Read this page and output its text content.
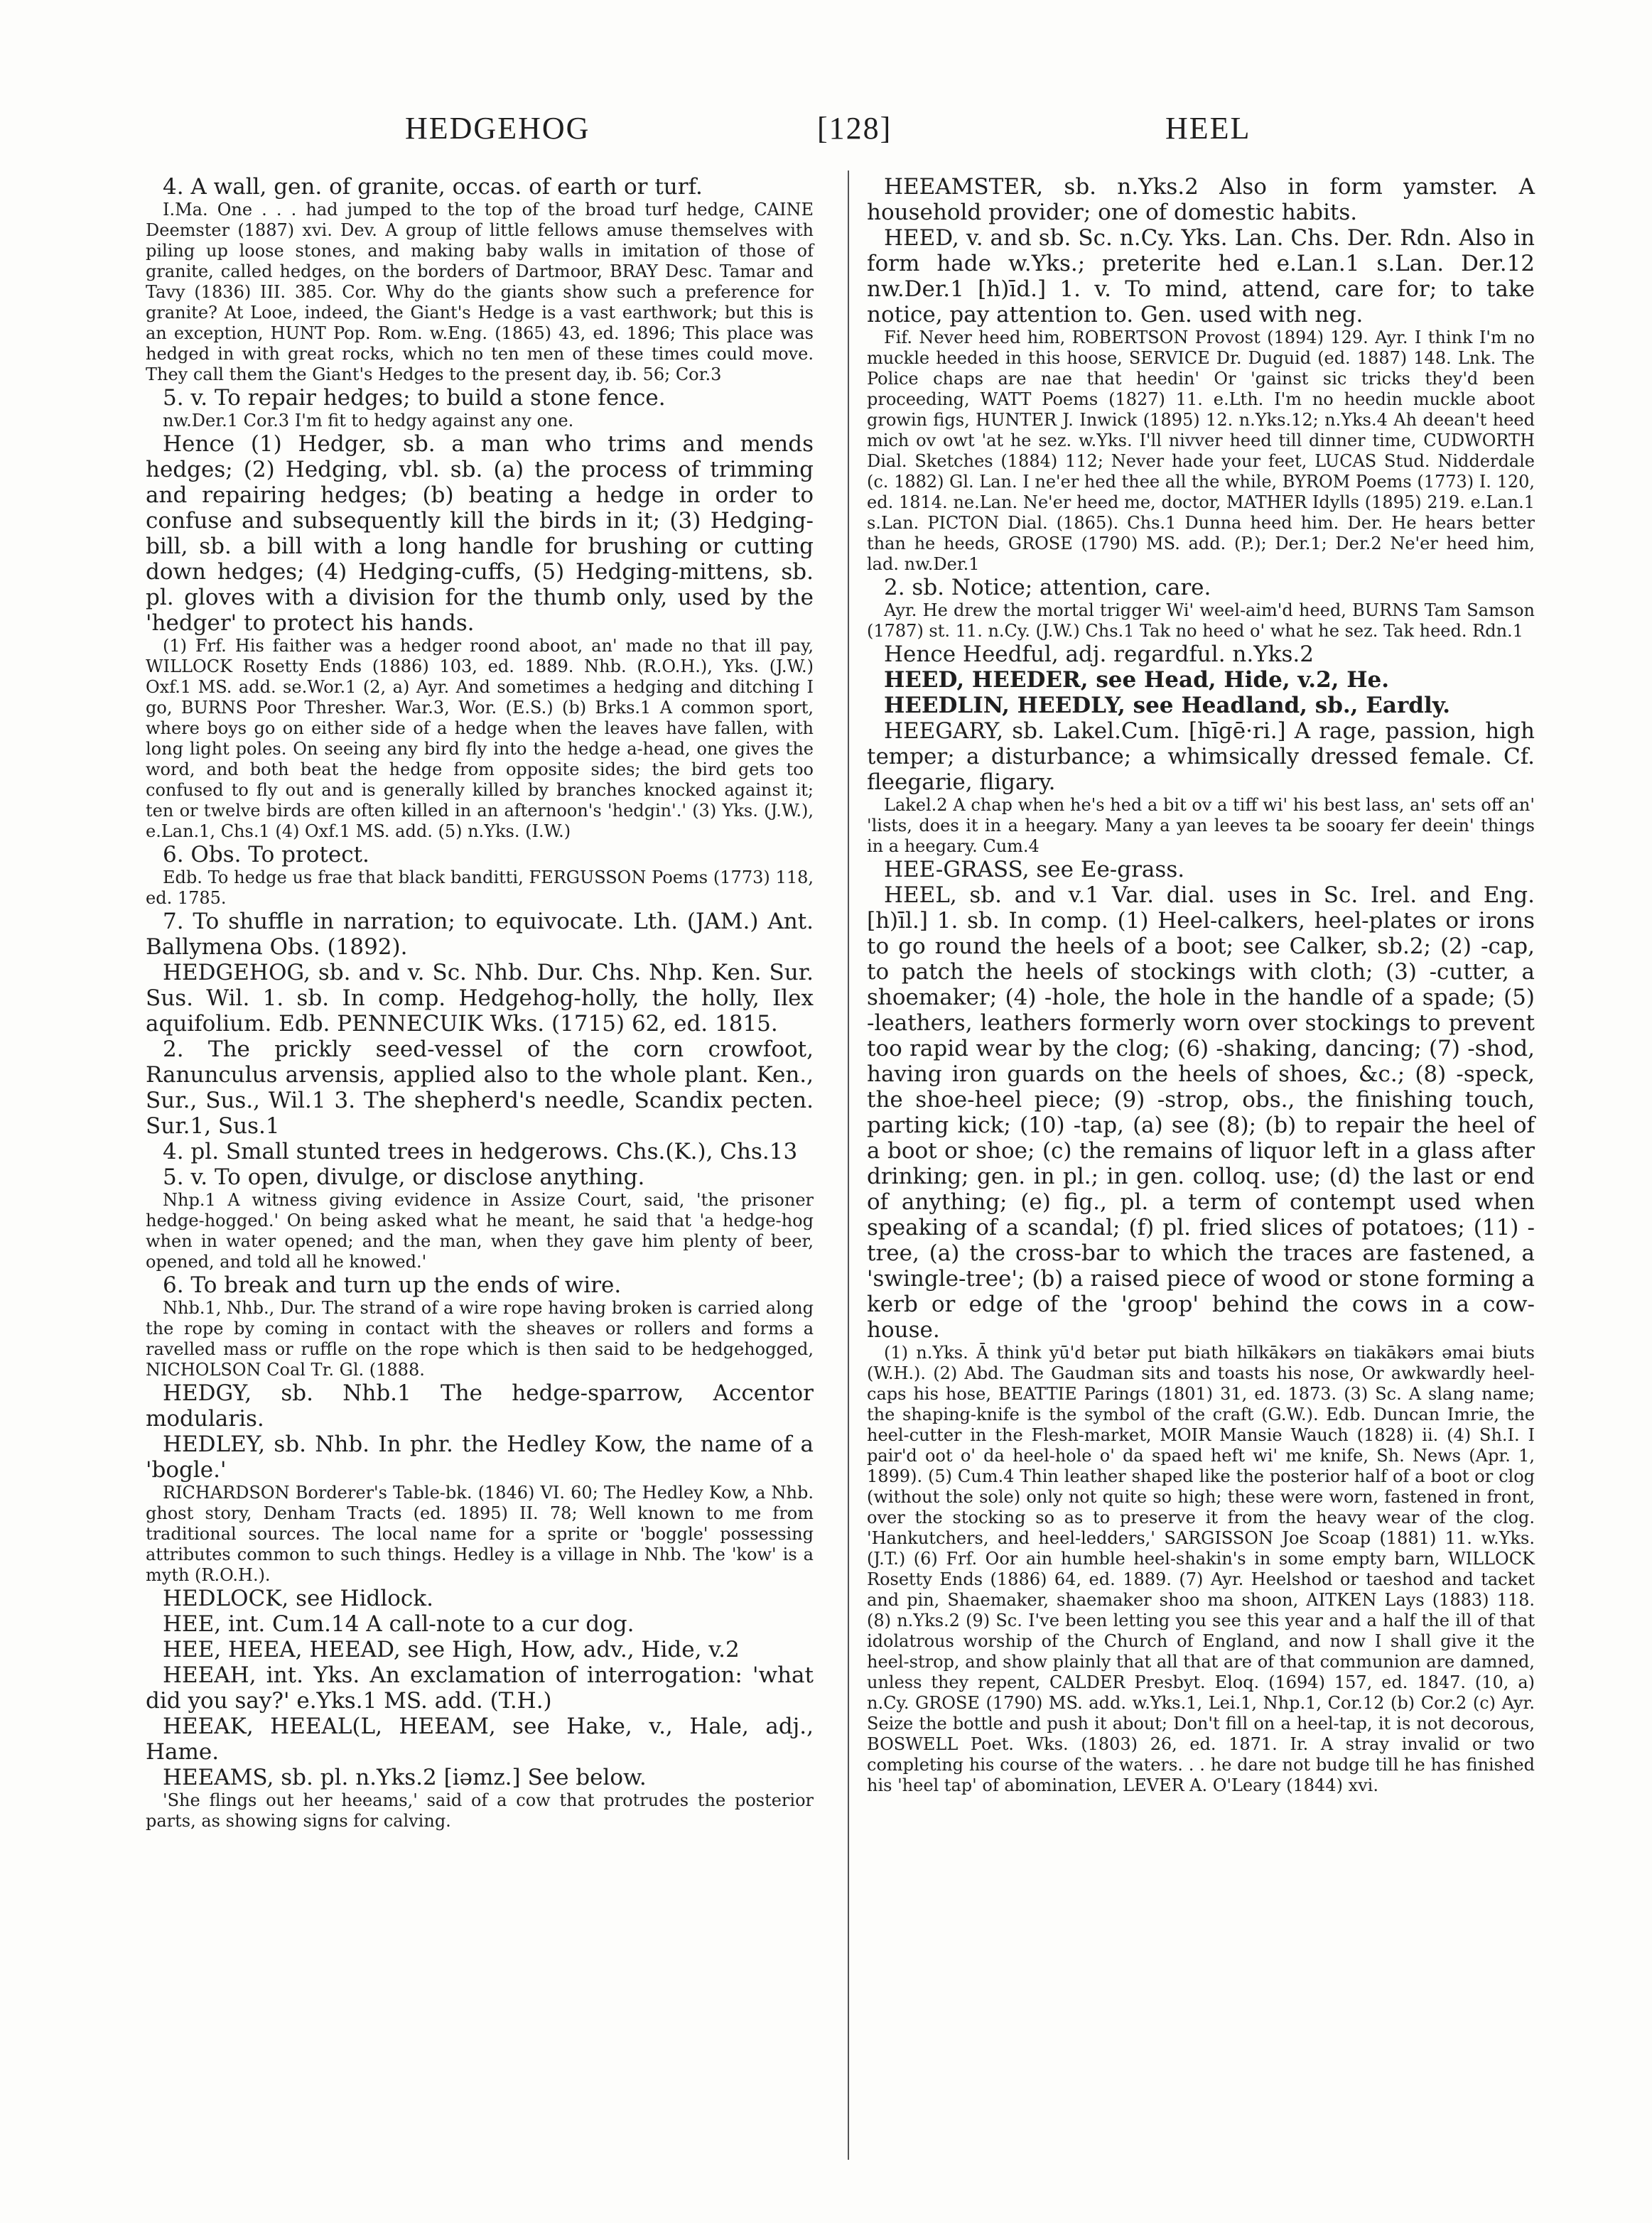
HEDGEHOG	[128]	HEEL

4. A wall, gen. of granite, occas. of earth or turf.

I.Ma. One . . . had jumped to the top of the broad turf hedge, CAINE Deemster (1887) xvi. Dev. A group of little fellows amuse themselves with piling up loose stones, and making baby walls in imitation of those of granite, called hedges, on the borders of Dartmoor, BRAY Desc. Tamar and Tavy (1836) III. 385. Cor. Why do the giants show such a preference for granite? At Looe, indeed, the Giant's Hedge is a vast earthwork; but this is an exception, HUNT Pop. Rom. w.Eng. (1865) 43, ed. 1896; This place was hedged in with great rocks, which no ten men of these times could move. They call them the Giant's Hedges to the present day, ib. 56; Cor.3

5. v. To repair hedges; to build a stone fence.

nw.Der.1 Cor.3 I'm fit to hedgy against any one.

Hence (1) Hedger, sb. a man who trims and mends hedges; (2) Hedging, vbl. sb. (a) the process of trimming and repairing hedges; (b) beating a hedge in order to confuse and subsequently kill the birds in it; (3) Hedging-bill, sb. a bill with a long handle for brushing or cutting down hedges; (4) Hedging-cuffs, (5) Hedging-mittens, sb. pl. gloves with a division for the thumb only, used by the 'hedger' to protect his hands.

(1) Frf. His faither was a hedger roond aboot, an' made no that ill pay, WILLOCK Rosetty Ends (1886) 103, ed. 1889. Nhb. (R.O.H.), Yks. (J.W.) Oxf.1 MS. add. se.Wor.1 (2, a) Ayr. And sometimes a hedging and ditching I go, BURNS Poor Thresher. War.3, Wor. (E.S.) (b) Brks.1 A common sport, where boys go on either side of a hedge when the leaves have fallen, with long light poles. On seeing any bird fly into the hedge a-head, one gives the word, and both beat the hedge from opposite sides; the bird gets too confused to fly out and is generally killed by branches knocked against it; ten or twelve birds are often killed in an afternoon's 'hedgin'.' (3) Yks. (J.W.), e.Lan.1, Chs.1 (4) Oxf.1 MS. add. (5) n.Yks. (I.W.)

6. Obs. To protect.

Edb. To hedge us frae that black banditti, FERGUSSON Poems (1773) 118, ed. 1785.

7. To shuffle in narration; to equivocate. Lth. (JAM.) Ant. Ballymena Obs. (1892).

HEDGEHOG, sb. and v. Sc. Nhb. Dur. Chs. Nhp. Ken. Sur. Sus. Wil. 1. sb. In comp. Hedgehog-holly, the holly, Ilex aquifolium. Edb. PENNECUIK Wks. (1715) 62, ed. 1815.

2. The prickly seed-vessel of the corn crowfoot, Ranunculus arvensis, applied also to the whole plant. Ken., Sur., Sus., Wil.1 3. The shepherd's needle, Scandix pecten. Sur.1, Sus.1

4. pl. Small stunted trees in hedgerows. Chs.(K.), Chs.13

5. v. To open, divulge, or disclose anything.

Nhp.1 A witness giving evidence in Assize Court, said, 'the prisoner hedge-hogged.' On being asked what he meant, he said that 'a hedge-hog when in water opened; and the man, when they gave him plenty of beer, opened, and told all he knowed.'

6. To break and turn up the ends of wire.

Nhb.1, Nhb., Dur. The strand of a wire rope having broken is carried along the rope by coming in contact with the sheaves or rollers and forms a ravelled mass or ruffle on the rope which is then said to be hedgehogged, NICHOLSON Coal Tr. Gl. (1888.

HEDGY, sb. Nhb.1 The hedge-sparrow, Accentor modularis.

HEDLEY, sb. Nhb. In phr. the Hedley Kow, the name of a 'bogle.'

RICHARDSON Borderer's Table-bk. (1846) VI. 60; The Hedley Kow, a Nhb. ghost story, Denham Tracts (ed. 1895) II. 78; Well known to me from traditional sources. The local name for a sprite or 'boggle' possessing attributes common to such things. Hedley is a village in Nhb. The 'kow' is a myth (R.O.H.).

HEDLOCK, see Hidlock.

HEE, int. Cum.14 A call-note to a cur dog.

HEE, HEEA, HEEAD, see High, How, adv., Hide, v.2

HEEAH, int. Yks. An exclamation of interrogation: 'what did you say?' e.Yks.1 MS. add. (T.H.)

HEEAK, HEEAL(L, HEEAM, see Hake, v., Hale, adj., Hame.

HEEAMS, sb. pl. n.Yks.2 [iəmz.] See below.

'She flings out her heeams,' said of a cow that protrudes the posterior parts, as showing signs for calving.

HEEAMSTER, sb. n.Yks.2 Also in form yamster. A household provider; one of domestic habits.

HEED, v. and sb. Sc. n.Cy. Yks. Lan. Chs. Der. Rdn. Also in form hade w.Yks.; preterite hed e.Lan.1 s.Lan. Der.12 nw.Der.1 [h)īd.] 1. v. To mind, attend, care for; to take notice, pay attention to. Gen. used with neg.

Fif. Never heed him, ROBERTSON Provost (1894) 129. Ayr. I think I'm no muckle heeded in this hoose, SERVICE Dr. Duguid (ed. 1887) 148. Lnk. The Police chaps are nae that heedin' Or 'gainst sic tricks they'd been proceeding, WATT Poems (1827) 11. e.Lth. I'm no heedin muckle aboot growin figs, HUNTER J. Inwick (1895) 12. n.Yks.12; n.Yks.4 Ah deean't heed mich ov owt 'at he sez. w.Yks. I'll nivver heed till dinner time, CUDWORTH Dial. Sketches (1884) 112; Never hade your feet, LUCAS Stud. Nidderdale (c. 1882) Gl. Lan. I ne'er hed thee all the while, BYROM Poems (1773) I. 120, ed. 1814. ne.Lan. Ne'er heed me, doctor, MATHER Idylls (1895) 219. e.Lan.1 s.Lan. PICTON Dial. (1865). Chs.1 Dunna heed him. Der. He hears better than he heeds, GROSE (1790) MS. add. (P.); Der.1; Der.2 Ne'er heed him, lad. nw.Der.1

2. sb. Notice; attention, care.

Ayr. He drew the mortal trigger Wi' weel-aim'd heed, BURNS Tam Samson (1787) st. 11. n.Cy. (J.W.) Chs.1 Tak no heed o' what he sez. Tak heed. Rdn.1

Hence Heedful, adj. regardful. n.Yks.2

HEED, HEEDER, see Head, Hide, v.2, He.

HEEDLIN, HEEDLY, see Headland, sb., Eardly.

HEEGARY, sb. Lakel.Cum. [hīgē·ri.] A rage, passion, high temper; a disturbance; a whimsically dressed female. Cf. fleegarie, fligary.

Lakel.2 A chap when he's hed a bit ov a tiff wi' his best lass, an' sets off an' 'lists, does it in a heegary. Many a yan leeves ta be sooary fer deein' things in a heegary. Cum.4

HEE-GRASS, see Ee-grass.

HEEL, sb. and v.1 Var. dial. uses in Sc. Irel. and Eng. [h)īl.] 1. sb. In comp. (1) Heel-calkers, heel-plates or irons to go round the heels of a boot; see Calker, sb.2; (2) -cap, to patch the heels of stockings with cloth; (3) -cutter, a shoemaker; (4) -hole, the hole in the handle of a spade; (5) -leathers, leathers formerly worn over stockings to prevent too rapid wear by the clog; (6) -shaking, dancing; (7) -shod, having iron guards on the heels of shoes, &c.; (8) -speck, the shoe-heel piece; (9) -strop, obs., the finishing touch, parting kick; (10) -tap, (a) see (8); (b) to repair the heel of a boot or shoe; (c) the remains of liquor left in a glass after drinking; gen. in pl.; in gen. colloq. use; (d) the last or end of anything; (e) fig., pl. a term of contempt used when speaking of a scandal; (f) pl. fried slices of potatoes; (11) -tree, (a) the cross-bar to which the traces are fastened, a 'swingle-tree'; (b) a raised piece of wood or stone forming a kerb or edge of the 'groop' behind the cows in a cow-house.

(1) n.Yks. Ā think yū'd betər put biath hīlkākərs ən tiakākərs əmai biuts (W.H.). (2) Abd. The Gaudman sits and toasts his nose, Or awkwardly heel-caps his hose, BEATTIE Parings (1801) 31, ed. 1873. (3) Sc. A slang name; the shaping-knife is the symbol of the craft (G.W.). Edb. Duncan Imrie, the heel-cutter in the Flesh-market, MOIR Mansie Wauch (1828) ii. (4) Sh.I. I pair'd oot o' da heel-hole o' da spaed heft wi' me knife, Sh. News (Apr. 1, 1899). (5) Cum.4 Thin leather shaped like the posterior half of a boot or clog (without the sole) only not quite so high; these were worn, fastened in front, over the stocking so as to preserve it from the heavy wear of the clog. 'Hankutchers, and heel-ledders,' SARGISSON Joe Scoap (1881) 11. w.Yks. (J.T.) (6) Frf. Oor ain humble heel-shakin's in some empty barn, WILLOCK Rosetty Ends (1886) 64, ed. 1889. (7) Ayr. Heelshod or taeshod and tacket and pin, Shaemaker, shaemaker shoo ma shoon, AITKEN Lays (1883) 118. (8) n.Yks.2 (9) Sc. I've been letting you see this year and a half the ill of that idolatrous worship of the Church of England, and now I shall give it the heel-strop, and show plainly that all that are of that communion are damned, unless they repent, CALDER Presbyt. Eloq. (1694) 157, ed. 1847. (10, a) n.Cy. GROSE (1790) MS. add. w.Yks.1, Lei.1, Nhp.1, Cor.12 (b) Cor.2 (c) Ayr. Seize the bottle and push it about; Don't fill on a heel-tap, it is not decorous, BOSWELL Poet. Wks. (1803) 26, ed. 1871. Ir. A stray invalid or two completing his course of the waters. . . he dare not budge till he has finished his 'heel tap' of abomination, LEVER A. O'Leary (1844) xvi.
